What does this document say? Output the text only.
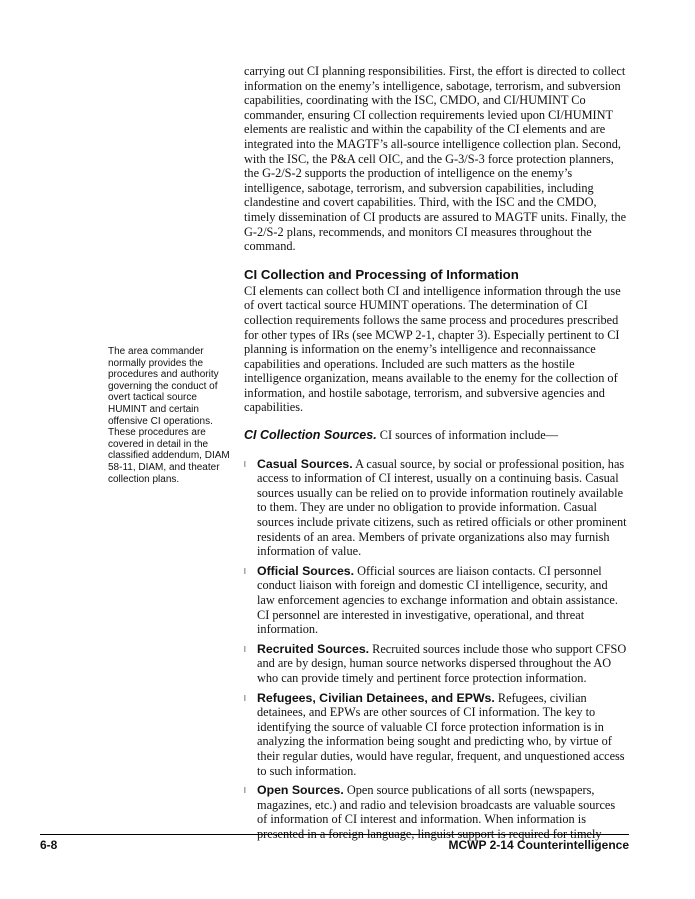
carrying out CI planning responsibilities. First, the effort is directed to collect information on the enemy’s intelligence, sabotage, terrorism, and subversion capabilities, coordinating with the ISC, CMDO, and CI/HUMINT Co commander, ensuring CI collection requirements levied upon CI/HUMINT elements are realistic and within the capability of the CI elements and are integrated into the MAGTF’s all-source intelligence collection plan. Second, with the ISC, the P&A cell OIC, and the G-3/S-3 force protection planners, the G-2/S-2 supports the production of intelligence on the enemy’s intelligence, sabotage, terrorism, and subversion capabilities, including clandestine and covert capabilities. Third, with the ISC and the CMDO, timely dissemination of CI products are assured to MAGTF units. Finally, the G-2/S-2 plans, recommends, and monitors CI measures throughout the command.

CI Collection and Processing of Information

CI elements can collect both CI and intelligence information through the use of overt tactical source HUMINT operations. The determination of CI collection requirements follows the same process and procedures prescribed for other types of IRs (see MCWP 2-1, chapter 3). Especially pertinent to CI planning is information on the enemy’s intelligence and reconnaissance capabilities and operations. Included are such matters as the hostile intelligence organization, means available to the enemy for the collection of information, and hostile sabotage, terrorism, and subversive agencies and capabilities.

CI Collection Sources. CI sources of information include—

l Casual Sources. A casual source, by social or professional position, has access to information of CI interest, usually on a continuing basis. Casual sources usually can be relied on to provide information routinely available to them. They are under no obligation to provide information. Casual sources include private citizens, such as retired officials or other prominent residents of an area. Members of private organizations also may furnish information of value.
l Official Sources. Official sources are liaison contacts. CI personnel conduct liaison with foreign and domestic CI intelligence, security, and law enforcement agencies to exchange information and obtain assistance. CI personnel are interested in investigative, operational, and threat information.
l Recruited Sources. Recruited sources include those who support CFSO and are by design, human source networks dispersed throughout the AO who can provide timely and pertinent force protection information.
l Refugees, Civilian Detainees, and EPWs. Refugees, civilian detainees, and EPWs are other sources of CI information. The key to identifying the source of valuable CI force protection information is in analyzing the information being sought and predicting who, by virtue of their regular duties, would have regular, frequent, and unquestioned access to such information.
l Open Sources. Open source publications of all sorts (newspapers, magazines, etc.) and radio and television broadcasts are valuable sources of information of CI interest and information. When information is presented in a foreign language, linguist support is required for timely

The area commander normally provides the procedures and authority governing the conduct of overt tactical source HUMINT and certain offensive CI operations. These procedures are covered in detail in the classified addendum, DIAM 58-11, DIAM, and theater collection plans.

6-8	MCWP 2-14 Counterintelligence
